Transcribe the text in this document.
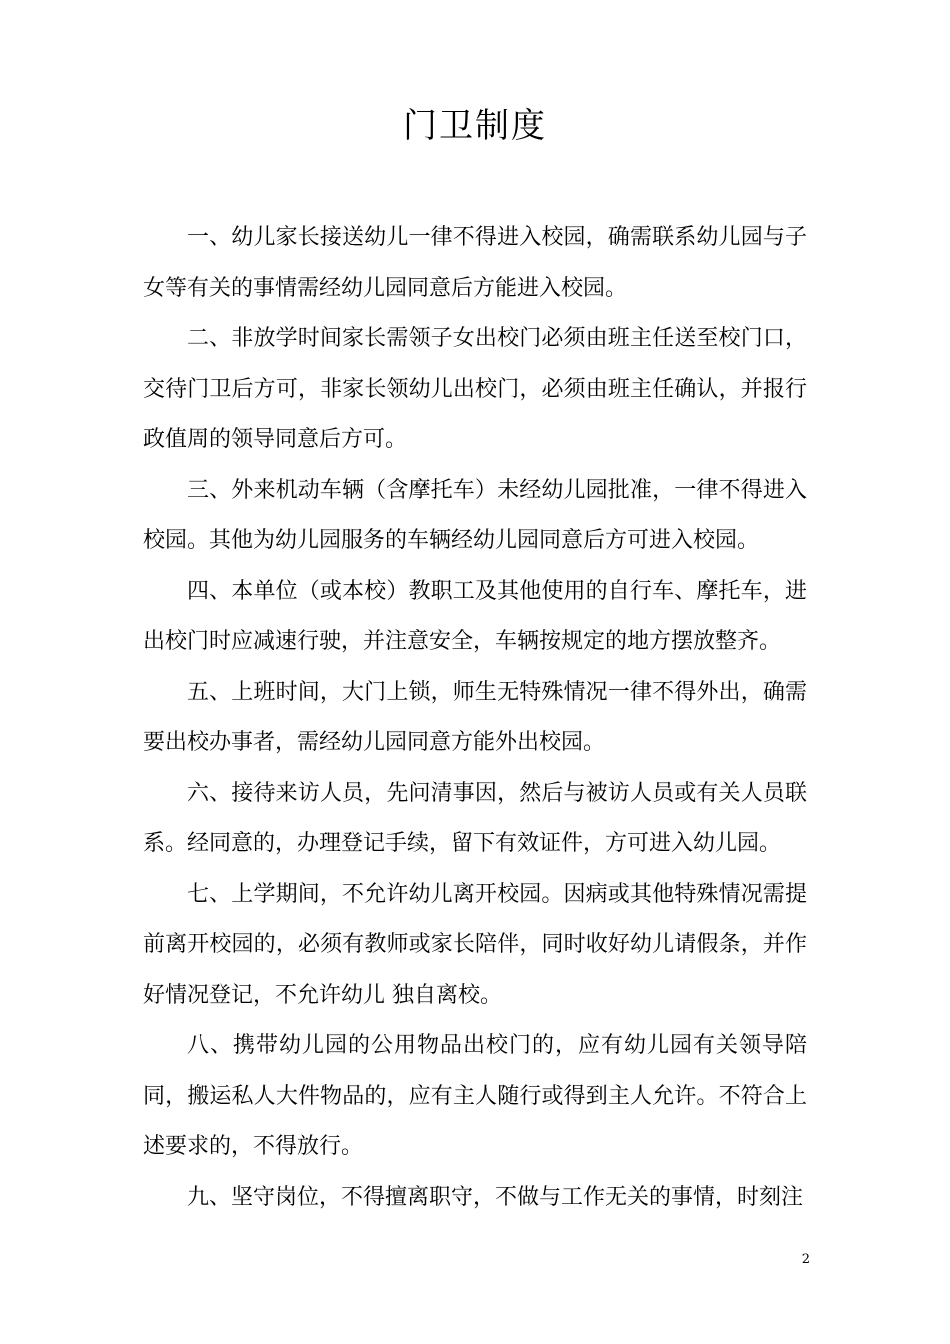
门卫制度

一、幼儿家长接送幼儿一律不得进入校园，确需联系幼儿园与子女等有关的事情需经幼儿园同意后方能进入校园。

二、非放学时间家长需领子女出校门必须由班主任送至校门口，交待门卫后方可，非家长领幼儿出校门，必须由班主任确认，并报行政值周的领导同意后方可。

三、外来机动车辆（含摩托车）未经幼儿园批准，一律不得进入校园。其他为幼儿园服务的车辆经幼儿园同意后方可进入校园。

四、本单位（或本校）教职工及其他使用的自行车、摩托车，进出校门时应减速行驶，并注意安全，车辆按规定的地方摆放整齐。

五、上班时间，大门上锁，师生无特殊情况一律不得外出，确需要出校办事者，需经幼儿园同意方能外出校园。

六、接待来访人员，先问清事因，然后与被访人员或有关人员联系。经同意的，办理登记手续，留下有效证件，方可进入幼儿园。

七、上学期间，不允许幼儿离开校园。因病或其他特殊情况需提前离开校园的，必须有教师或家长陪伴，同时收好幼儿请假条，并作好情况登记，不允许幼儿 独自离校。

八、携带幼儿园的公用物品出校门的，应有幼儿园有关领导陪同，搬运私人大件物品的，应有主人随行或得到主人允许。不符合上述要求的，不得放行。

九、坚守岗位，不得擅离职守，不做与工作无关的事情，时刻注

2
